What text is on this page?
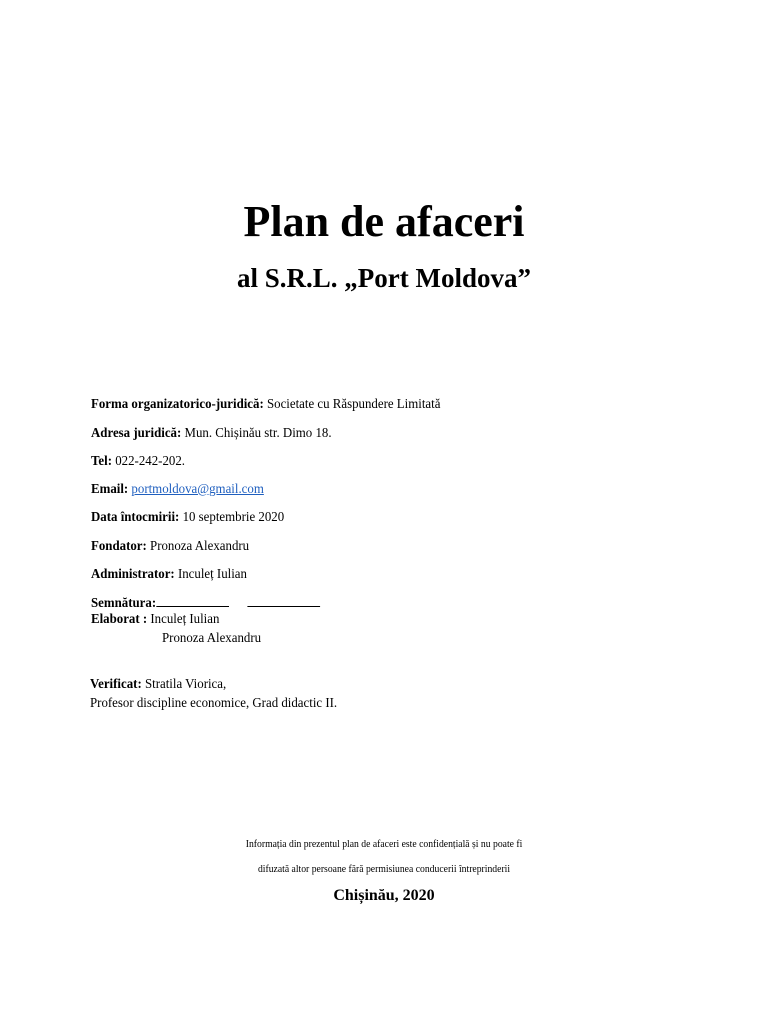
Plan de afaceri
al S.R.L. „Port Moldova”
Forma organizatorico-juridică: Societate cu Răspundere Limitată
Adresa juridică: Mun. Chișinău str. Dimo 18.
Tel: 022-242-202.
Email: portmoldova@gmail.com
Data întocmirii: 10 septembrie 2020
Fondator: Pronoza Alexandru
Administrator: Inculeț Iulian
Semnătura:
Elaborat : Inculeț Iulian
Pronoza Alexandru
Verificat: Stratila Viorica,
Profesor discipline economice, Grad didactic II.
Informația din prezentul plan de afaceri este confidențială și nu poate fi
difuzată altor persoane fără permisiunea conducerii întreprinderii
Chișinău, 2020
